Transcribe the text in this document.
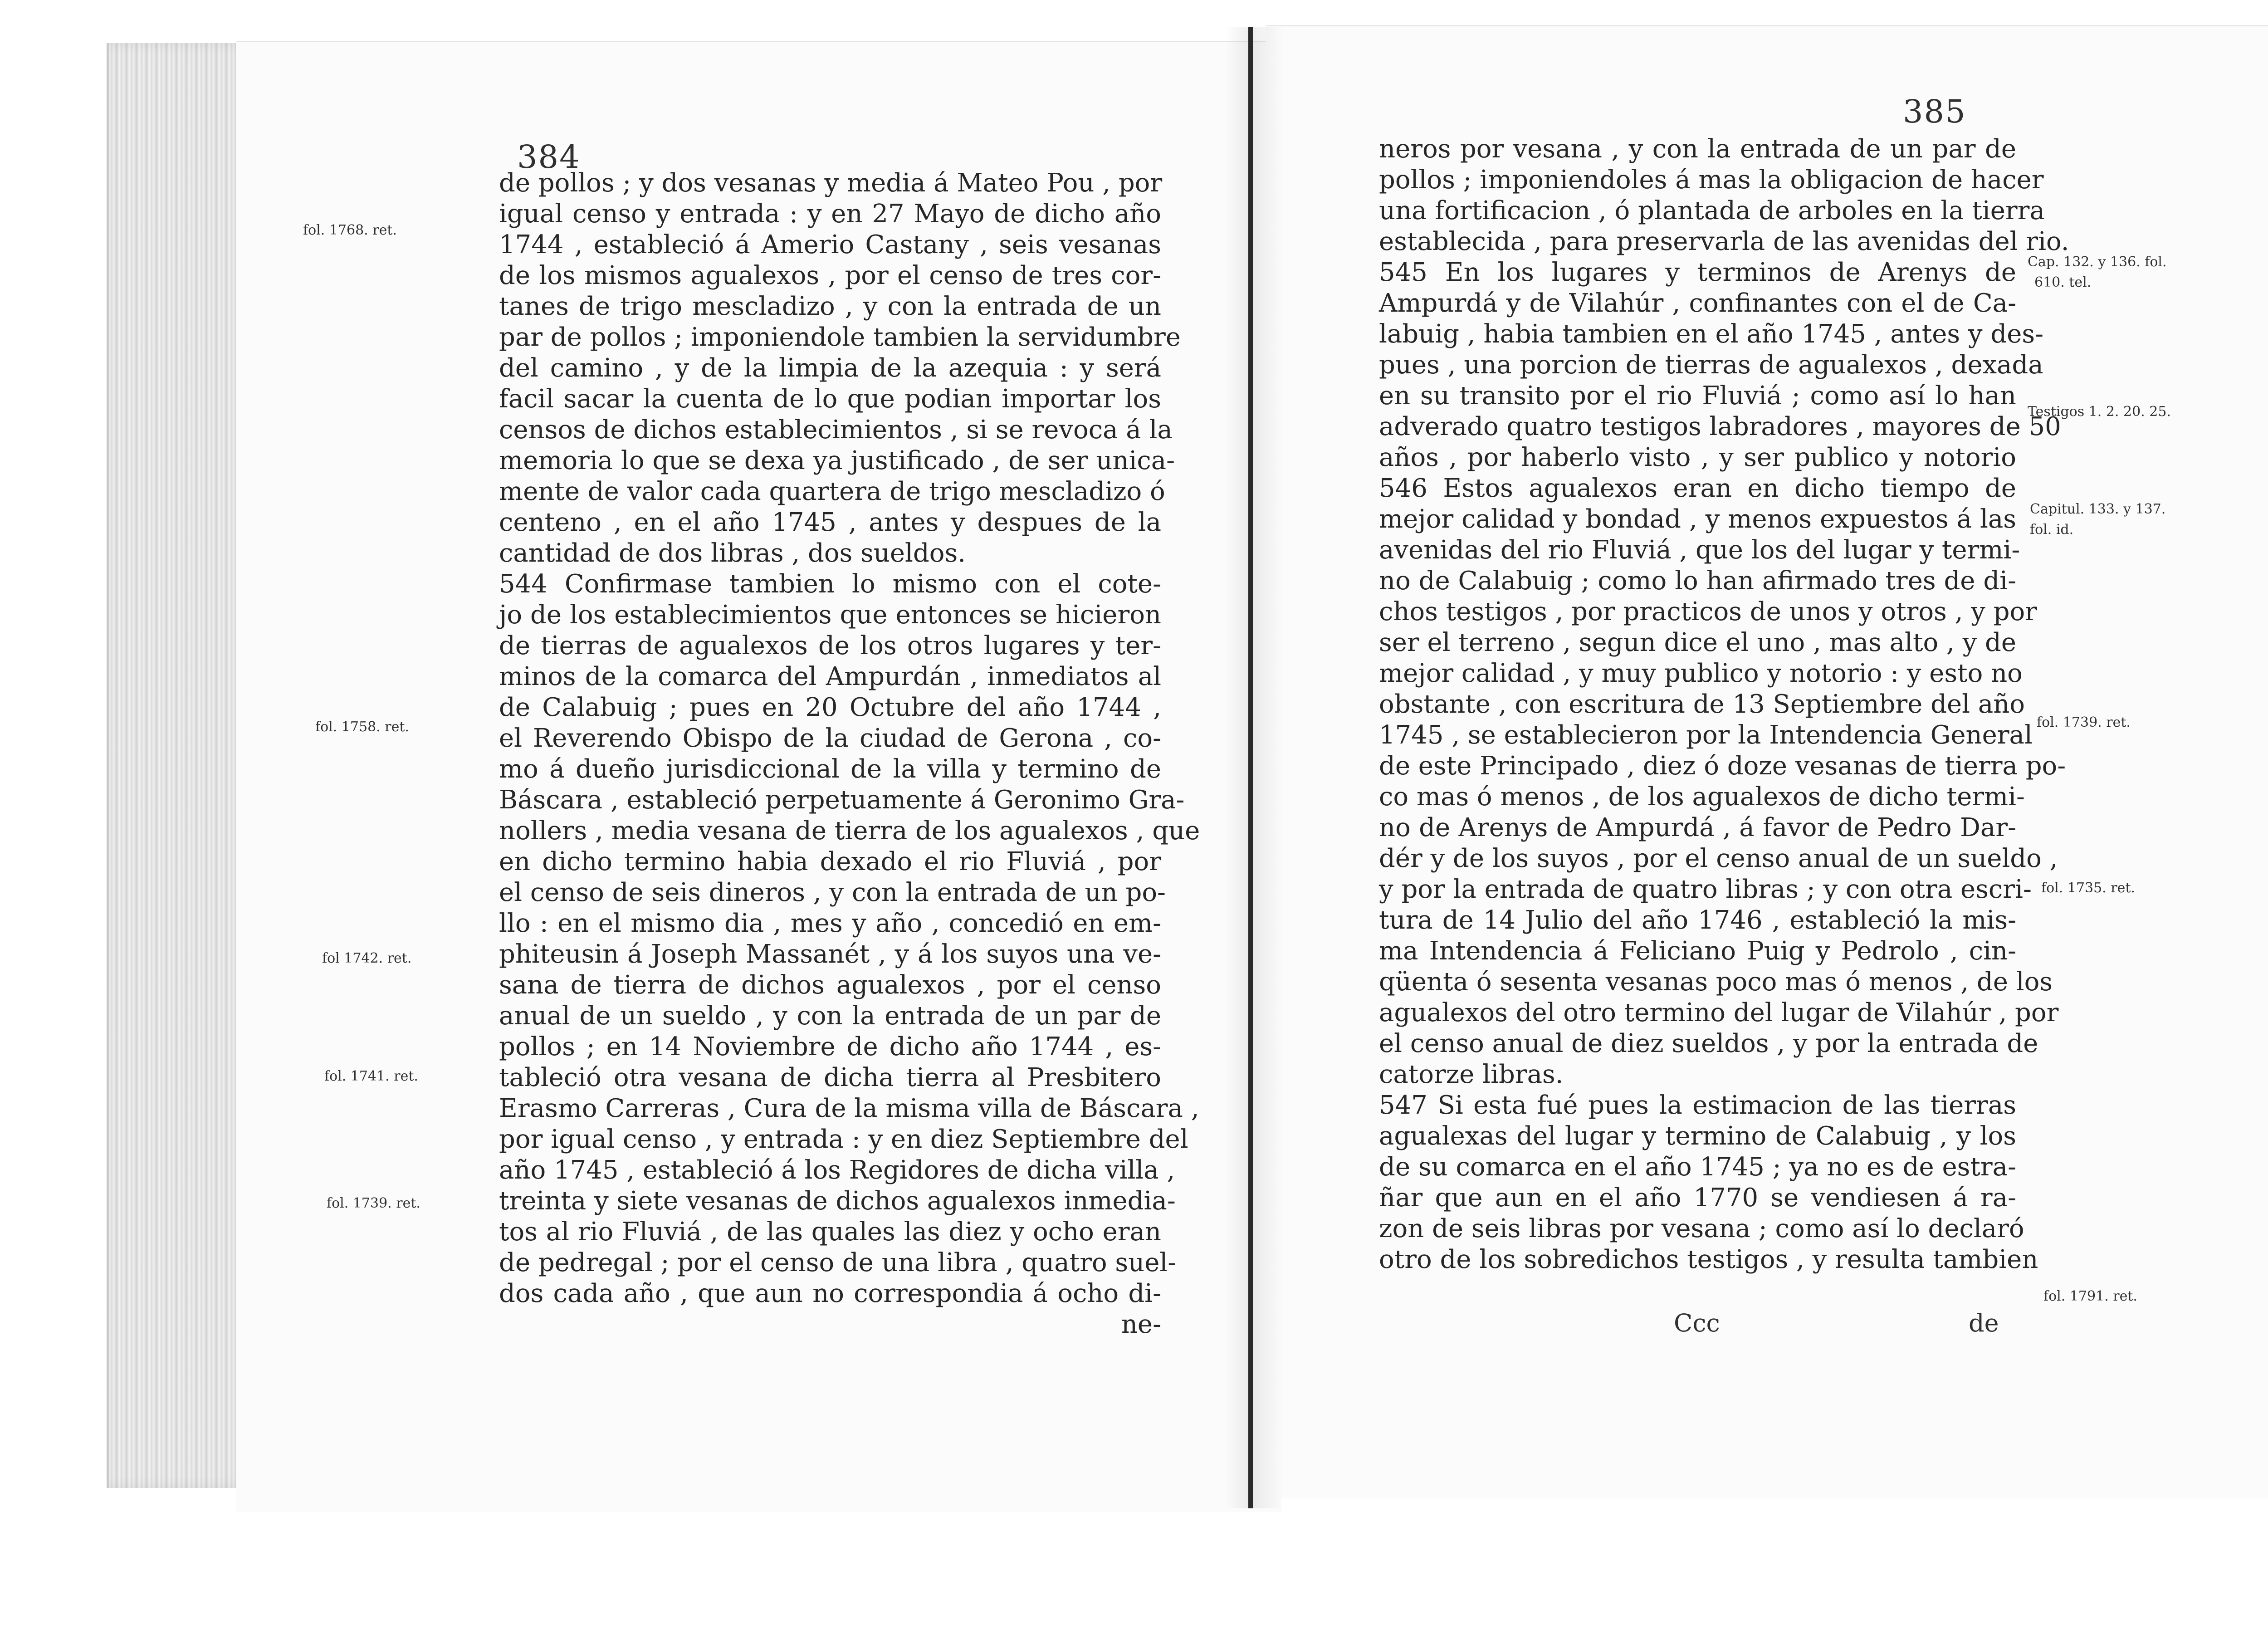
384
de pollos ; y dos vesanas y media á Mateo Pou , por
igual censo y entrada : y en 27 Mayo de dicho año
1744 , estableció á Amerio Castany , seis vesanas
de los mismos agualexos , por el censo de tres cor-
tanes de trigo mescladizo , y con la entrada de un
par de pollos ; imponiendole tambien la servidumbre
del camino , y de la limpia de la azequia : y será
facil sacar la cuenta de lo que podian importar los
censos de dichos establecimientos , si se revoca á la
memoria lo que se dexa ya justificado , de ser unica-
mente de valor cada quartera de trigo mescladizo ó
centeno , en el año 1745 , antes y despues de la
cantidad de dos libras , dos sueldos.
544 Confirmase tambien lo mismo con el cote-
jo de los establecimientos que entonces se hicieron
de tierras de agualexos de los otros lugares y ter-
minos de la comarca del Ampurdán , inmediatos al
de Calabuig ; pues en 20 Octubre del año 1744 ,
el Reverendo Obispo de la ciudad de Gerona , co-
mo á dueño jurisdiccional de la villa y termino de
Báscara , estableció perpetuamente á Geronimo Gra-
nollers , media vesana de tierra de los agualexos , que
en dicho termino habia dexado el rio Fluviá , por
el censo de seis dineros , y con la entrada de un po-
llo : en el mismo dia , mes y año , concedió en em-
phiteusin á Joseph Massanét , y á los suyos una ve-
sana de tierra de dichos agualexos , por el censo
anual de un sueldo , y con la entrada de un par de
pollos ; en 14 Noviembre de dicho año 1744 , es-
tableció otra vesana de dicha tierra al Presbitero
Erasmo Carreras , Cura de la misma villa de Báscara ,
por igual censo , y entrada : y en diez Septiembre del
año 1745 , estableció á los Regidores de dicha villa ,
treinta y siete vesanas de dichos agualexos inmedia-
tos al rio Fluviá , de las quales las diez y ocho eran
de pedregal ; por el censo de una libra , quatro suel-
dos cada año , que aun no correspondia á ocho di-
ne-
fol. 1768. ret.
fol. 1758. ret.
fol 1742. ret.
fol. 1741. ret.
fol. 1739. ret.
385
neros por vesana , y con la entrada de un par de
pollos ; imponiendoles á mas la obligacion de hacer
una fortificacion , ó plantada de arboles en la tierra
establecida , para preservarla de las avenidas del rio.
545 En los lugares y terminos de Arenys de
Ampurdá y de Vilahúr , confinantes con el de Ca-
labuig , habia tambien en el año 1745 , antes y des-
pues , una porcion de tierras de agualexos , dexada
en su transito por el rio Fluviá ; como así lo han
adverado quatro testigos labradores , mayores de 50
años , por haberlo visto , y ser publico y notorio
546 Estos agualexos eran en dicho tiempo de
mejor calidad y bondad , y menos expuestos á las
avenidas del rio Fluviá , que los del lugar y termi-
no de Calabuig ; como lo han afirmado tres de di-
chos testigos , por practicos de unos y otros , y por
ser el terreno , segun dice el uno , mas alto , y de
mejor calidad , y muy publico y notorio : y esto no
obstante , con escritura de 13 Septiembre del año
1745 , se establecieron por la Intendencia General
de este Principado , diez ó doze vesanas de tierra po-
co mas ó menos , de los agualexos de dicho termi-
no de Arenys de Ampurdá , á favor de Pedro Dar-
dér y de los suyos , por el censo anual de un sueldo ,
y por la entrada de quatro libras ; y con otra escri-
tura de 14 Julio del año 1746 , estableció la mis-
ma Intendencia á Feliciano Puig y Pedrolo , cin-
qüenta ó sesenta vesanas poco mas ó menos , de los
agualexos del otro termino del lugar de Vilahúr , por
el censo anual de diez sueldos , y por la entrada de
catorze libras.
547 Si esta fué pues la estimacion de las tierras
agualexas del lugar y termino de Calabuig , y los
de su comarca en el año 1745 ; ya no es de estra-
ñar que aun en el año 1770 se vendiesen á ra-
zon de seis libras por vesana ; como así lo declaró
otro de los sobredichos testigos , y resulta tambien
Ccc	de
Cap. 132. y 136. fol.
610. tel.
Testigos 1. 2. 20. 25.
Capitul. 133. y 137.
fol. id.
fol. 1739. ret.
fol. 1735. ret.
fol. 1791. ret.
